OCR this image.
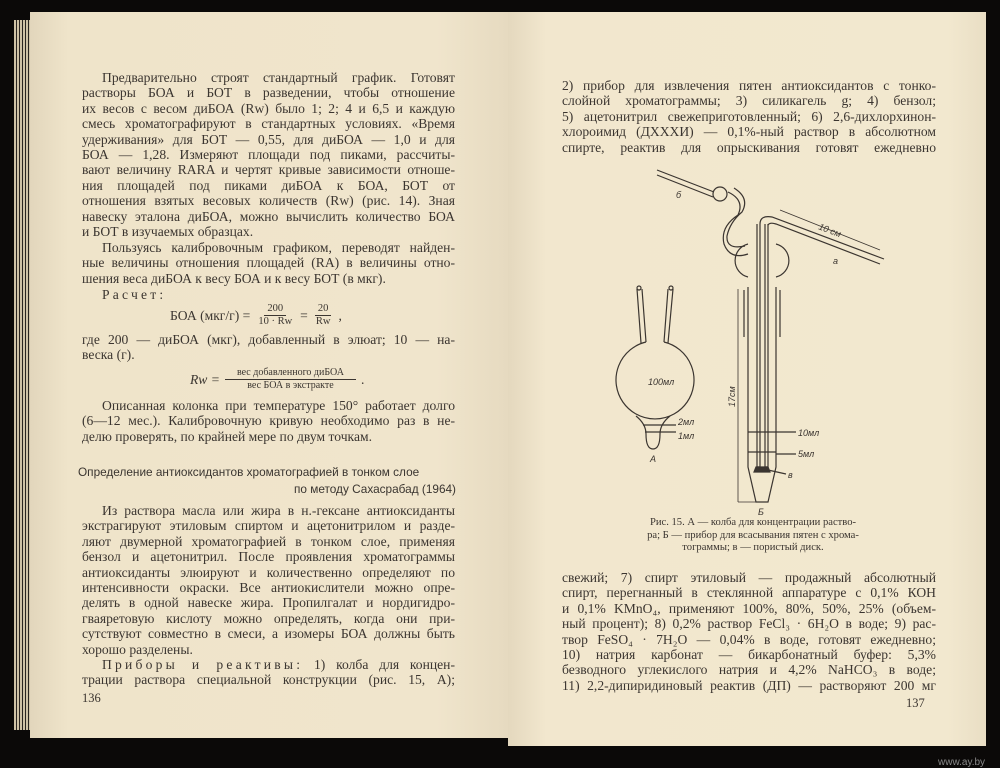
Предварительно строят стандартный график. Готовят
растворы БОА и БОТ в разведении, чтобы отношение
их весов с весом диБОА (Rw) было 1; 2; 4 и 6,5 и каждую
смесь хроматографируют в стандартных условиях. «Время
удерживания» для БОТ — 0,55, для диБОА — 1,0 и для
БОА — 1,28. Измеряют площади под пиками, рассчиты-
вают величину RARA и чертят кривые зависимости отноше-
ния площадей под пиками диБОА к БОА, БОТ от
отношения взятых весовых количеств (Rw) (рис. 14). Зная
навеску эталона диБОА, можно вычислить количество БОА
и БОТ в изучаемых образцах.
Пользуясь калибровочным графиком, переводят найден-
ные величины отношения площадей (RA) в величины отно-
шения веса диБОА к весу БОА и к весу БОТ (в мкг).
Расчет:
БОА $(мкг/г) = \frac{200}{10 \cdot Rw} = \frac{20}{Rw}$ ,
где 200 — диБОА (мкг), добавленный в элюат; 10 — на-
веска (г).
$Rw = \frac{\text{вес добавленного диБОА}}{\text{вес БОА в экстракте}}$ .
Описанная колонка при температуре 150° работает долго
(6—12 мес.). Калибровочную кривую необходимо раз в не-
делю проверять, по крайней мере по двум точкам.
Определение антиоксидантов хроматографией в тонком слое
по методу Сахасрабад (1964)
Из раствора масла или жира в н.-гексане антиоксиданты
экстрагируют этиловым спиртом и ацетонитрилом и разде-
ляют двумерной хроматографией в тонком слое, применяя
бензол и ацетонитрил. После проявления хроматограммы
антиоксиданты элюируют и количественно определяют по
интенсивности окраски. Все антиокислители можно опре-
делять в одной навеске жира. Пропилгалат и нордигидро-
гваяретовую кислоту можно определять, когда они при-
сутствуют совместно в смеси, а изомеры БОА должны быть
хорошо разделены.
Приборы и реактивы: 1) колба для концен-
трации раствора специальной конструкции (рис. 15, А);
136
2) прибор для извлечения пятен антиоксидантов с тонко-
слойной хроматограммы; 3) силикагель g; 4) бензол;
5) ацетонитрил свежеприготовленный; 6) 2,6-дихлорхинон-
хлороимид (ДХХХИ) — 0,1%-ный раствор в абсолютном
спирте, реактив для опрыскивания готовят ежедневно
100мл
2мл
1мл
А
б
а
10 см
17см
10мл
5мл
в
Б
Рис. 15. А — колба для концентрации раство-
ра; Б — прибор для всасывания пятен с хрома-
тограммы; в — пористый диск.
свежий; 7) спирт этиловый — продажный абсолютный
спирт, перегнанный в стеклянной аппаратуре с 0,1% КОН
и 0,1% KMnO₄, применяют 100%, 80%, 50%, 25% (объем-
ный процент); 8) 0,2% раствор FeCl₃ · 6H₂O в воде; 9) рас-
твор FeSO₄ · 7H₂O — 0,04% в воде, готовят ежедневно;
10) натрия карбонат — бикарбонатный буфер: 5,3%
безводного углекислого натрия и 4,2% NaHCO₃ в воде;
11) 2,2-дипиридиновый реактив (ДП) — растворяют 200 мг
137
www.ay.by
